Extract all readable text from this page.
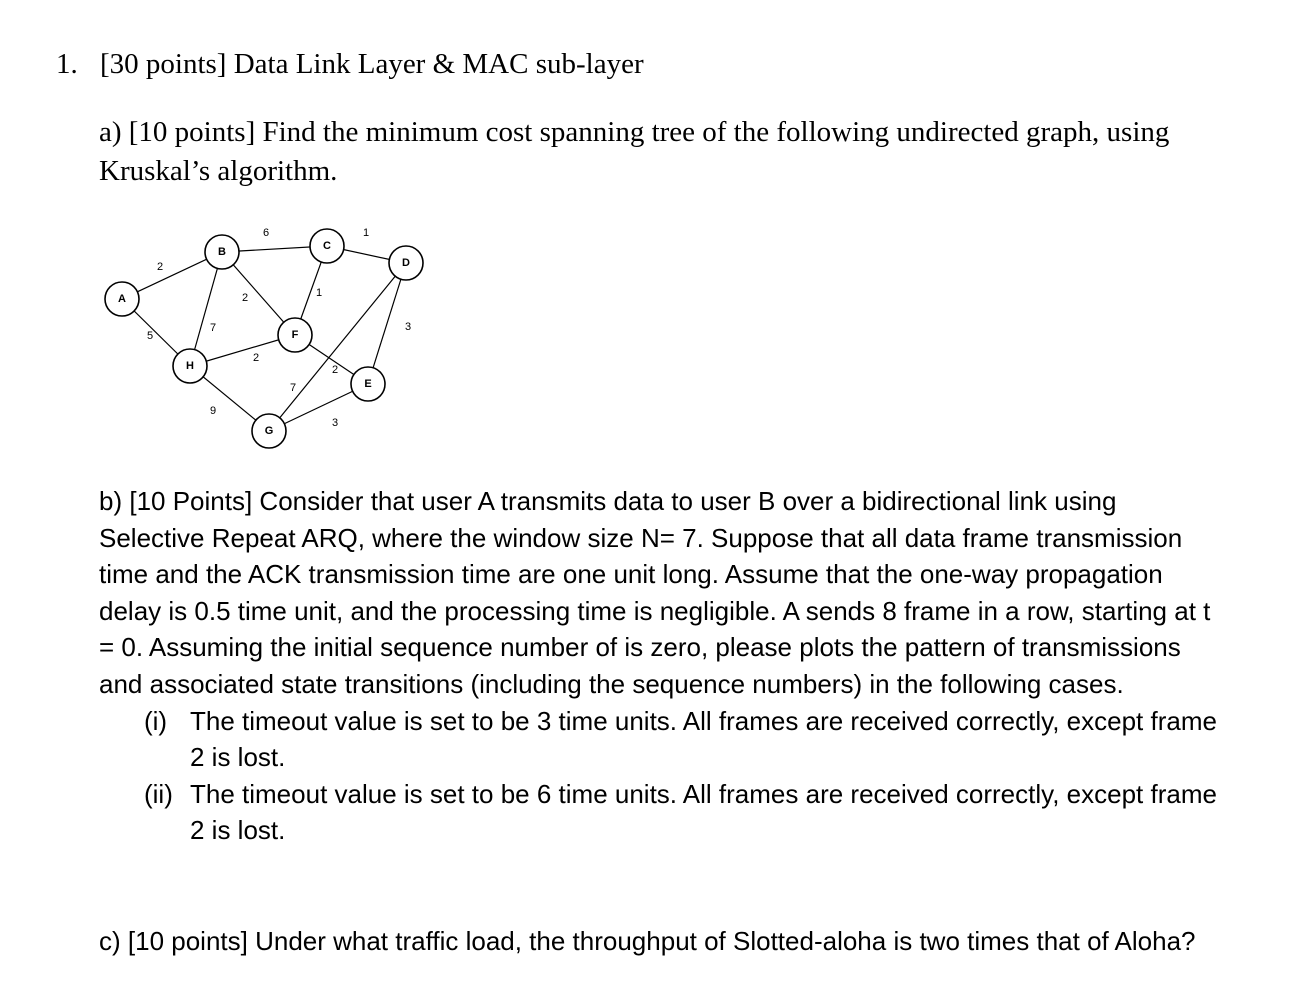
1. [30 points] Data Link Layer & MAC sub-layer
a) [10 points] Find the minimum cost spanning tree of the following undirected graph, using Kruskal’s algorithm.
2
5
6	1
7
2	1
3
2
2
7
9
3
A
B	C
D
E
F
G
H
b) [10 Points] Consider that user A transmits data to user B over a bidirectional link using Selective Repeat ARQ, where the window size N= 7. Suppose that all data frame transmission time and the ACK transmission time are one unit long. Assume that the one-way propagation delay is 0.5 time unit, and the processing time is negligible. A sends 8 frame in a row, starting at t = 0. Assuming the initial sequence number of is zero, please plots the pattern of transmissions and associated state transitions (including the sequence numbers) in the following cases.
(i) The timeout value is set to be 3 time units. All frames are received correctly, except frame 2 is lost.
(ii) The timeout value is set to be 6 time units. All frames are received correctly, except frame 2 is lost.
c) [10 points] Under what traffic load, the throughput of Slotted-aloha is two times that of Aloha?
